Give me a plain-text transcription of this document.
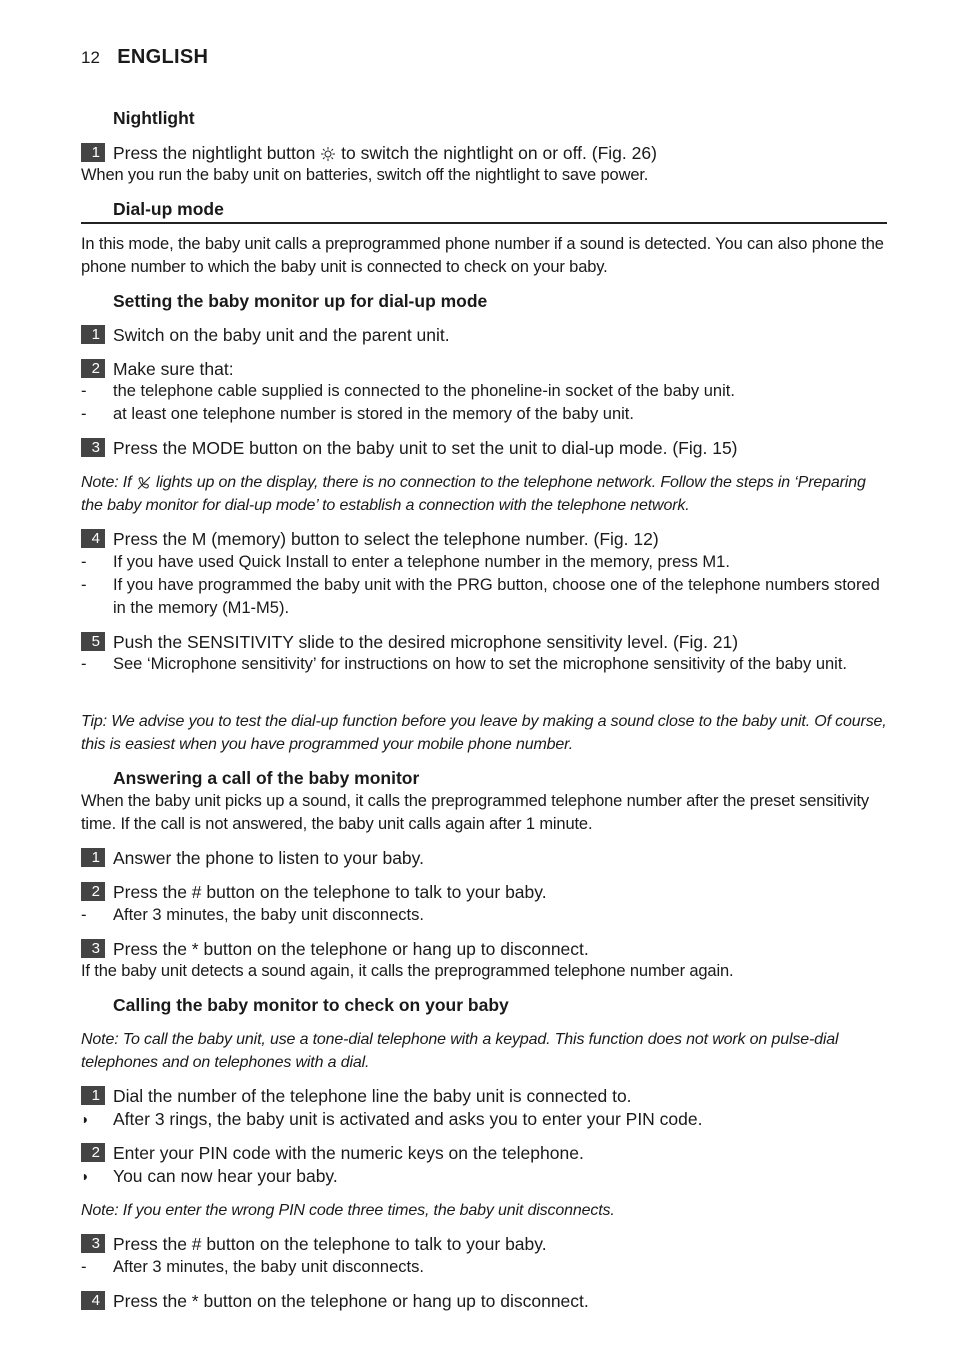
12 ENGLISH
Nightlight
1 Press the nightlight button to switch the nightlight on or off. (Fig. 26)
When you run the baby unit on batteries, switch off the nightlight to save power.
Dial-up mode
In this mode, the baby unit calls a preprogrammed phone number if a sound is detected. You can also phone the phone number to which the baby unit is connected to check on your baby.
Setting the baby monitor up for dial-up mode
1 Switch on the baby unit and the parent unit.
2 Make sure that:
- the telephone cable supplied is connected to the phoneline-in socket of the baby unit.
- at least one telephone number is stored in the memory of the baby unit.
3 Press the MODE button on the baby unit to set the unit to dial-up mode. (Fig. 15)
Note: If lights up on the display, there is no connection to the telephone network. Follow the steps in ‘Preparing the baby monitor for dial-up mode’ to establish a connection with the telephone network.
4 Press the M (memory) button to select the telephone number. (Fig. 12)
- If you have used Quick Install to enter a telephone number in the memory, press M1.
- If you have programmed the baby unit with the PRG button, choose one of the telephone numbers stored in the memory (M1-M5).
5 Push the SENSITIVITY slide to the desired microphone sensitivity level. (Fig. 21)
- See ‘Microphone sensitivity’ for instructions on how to set the microphone sensitivity of the baby unit.
Tip: We advise you to test the dial-up function before you leave by making a sound close to the baby unit. Of course, this is easiest when you have programmed your mobile phone number.
Answering a call of the baby monitor
When the baby unit picks up a sound, it calls the preprogrammed telephone number after the preset sensitivity time. If the call is not answered, the baby unit calls again after 1 minute.
1 Answer the phone to listen to your baby.
2 Press the # button on the telephone to talk to your baby.
- After 3 minutes, the baby unit disconnects.
3 Press the * button on the telephone or hang up to disconnect.
If the baby unit detects a sound again, it calls the preprogrammed telephone number again.
Calling the baby monitor to check on your baby
Note: To call the baby unit, use a tone-dial telephone with a keypad. This function does not work on pulse-dial telephones and on telephones with a dial.
1 Dial the number of the telephone line the baby unit is connected to.
◗ After 3 rings, the baby unit is activated and asks you to enter your PIN code.
2 Enter your PIN code with the numeric keys on the telephone.
◗ You can now hear your baby.
Note: If you enter the wrong PIN code three times, the baby unit disconnects.
3 Press the # button on the telephone to talk to your baby.
- After 3 minutes, the baby unit disconnects.
4 Press the * button on the telephone or hang up to disconnect.
